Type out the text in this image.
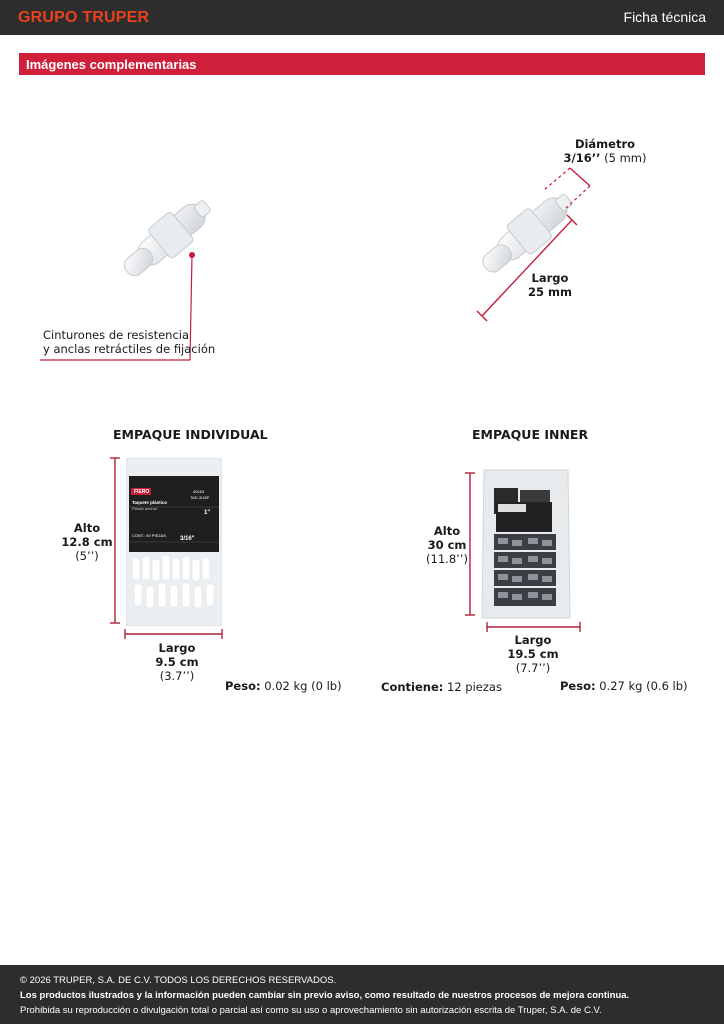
GRUPO TRUPER	Ficha técnica
Imágenes complementarias
Cinturones de resistencia
y anclas retráctiles de fijación
Diámetro
3/16’’ (5 mm)
Largo
25 mm
EMPAQUE INDIVIDUAL
FIERO	40163
TAE-3/16P
Taquete plástico
Plastic anchor
1"
CONT.: 50 PIEZAS
3/16"
Alto
12.8 cm
(5’’)
Largo
9.5 cm
(3.7’’)
Peso: 0.02 kg (0 lb)
EMPAQUE INNER
Alto
30 cm
(11.8’’)
Largo
19.5 cm
(7.7’’)
Contiene: 12 piezas	Peso: 0.27 kg (0.6 lb)
© 2026 TRUPER, S.A. DE C.V. TODOS LOS DERECHOS RESERVADOS.
Los productos ilustrados y la información pueden cambiar sin previo aviso, como resultado de nuestros procesos de mejora continua.
Prohibida su reproducción o divulgación total o parcial así como su uso o aprovechamiento sin autorización escrita de Truper, S.A. de C.V.
